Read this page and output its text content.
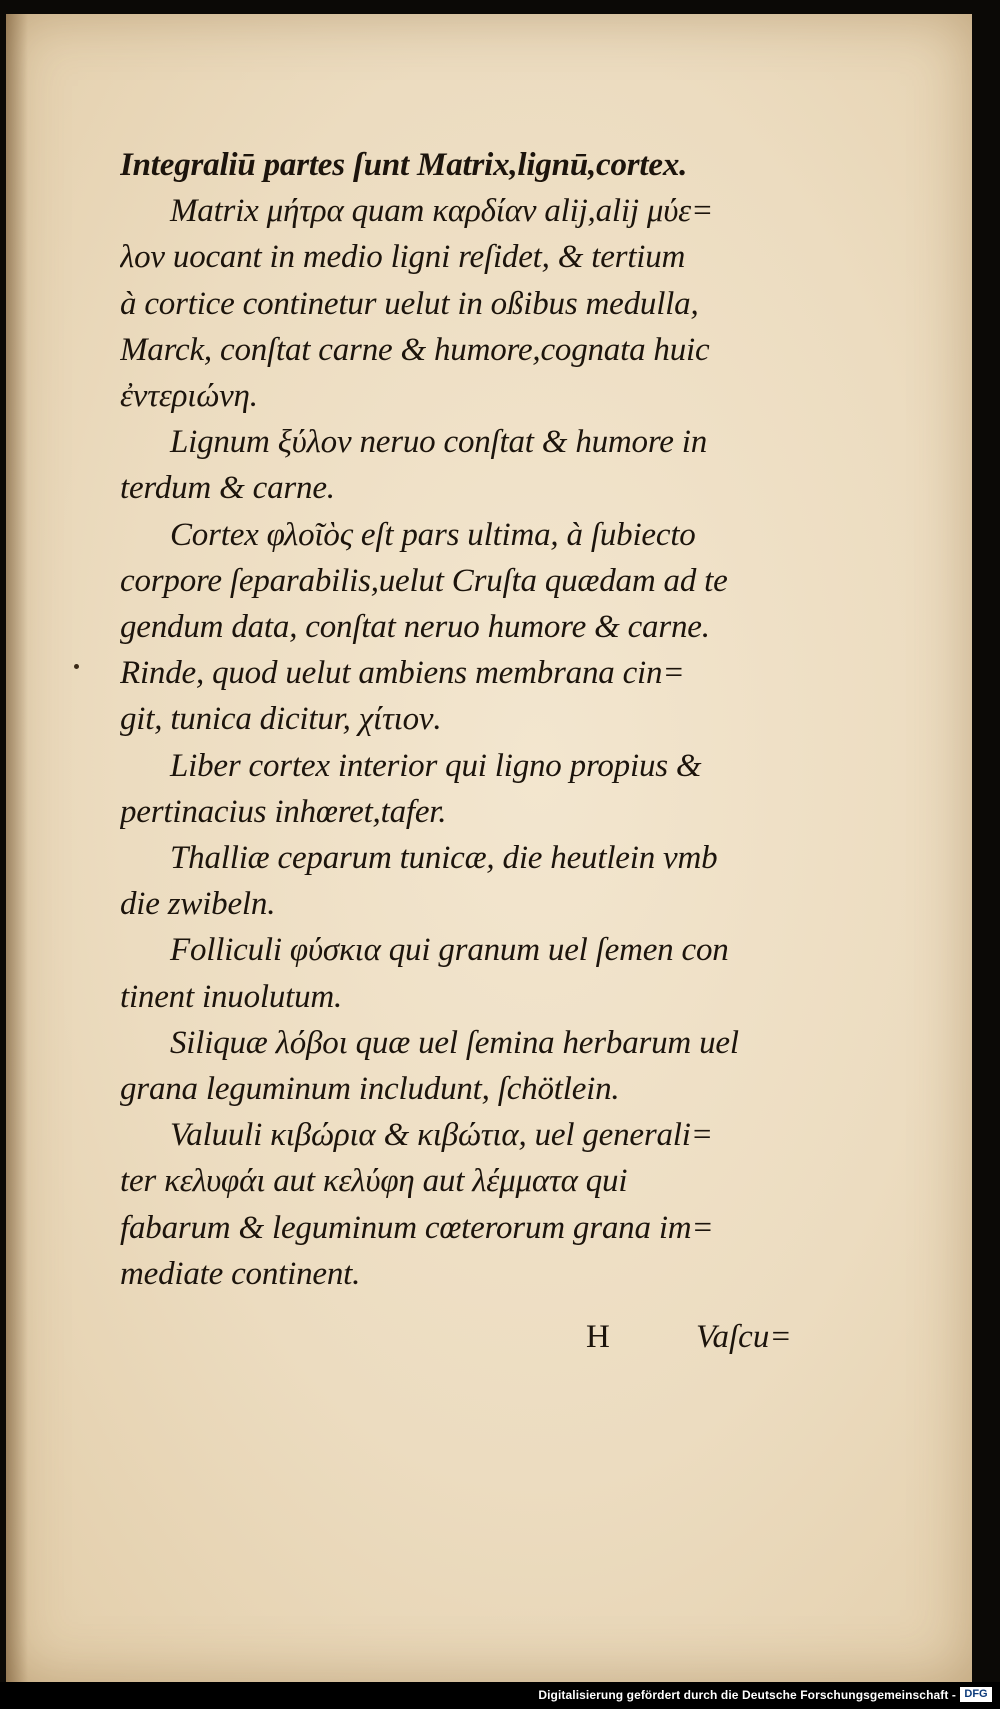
Integraliū partes ſunt Matrix,lignū,cortex.
Matrix μήτρα quam καρδίαν alij,alij μύε=
λον uocant in medio ligni reſidet, & tertium
à cortice continetur uelut in oßibus medulla,
Marck, conſtat carne & humore,cognata huic
ἐντεριώνη.
Lignum ξύλον neruo conſtat & humore in
terdum & carne.
Cortex φλοῖὸς eſt pars ultima, à ſubiecto
corpore ſeparabilis,uelut Cruſta quædam ad te
gendum data, conſtat neruo humore & carne.
Rinde, quod uelut ambiens membrana cin=
git, tunica dicitur, χίτιον.
Liber cortex interior qui ligno propius &
pertinacius inhœret,tafer.
Thalliæ ceparum tunicæ, die heutlein vmb
die zwibeln.
Folliculi φύσκια qui granum uel ſemen con
tinent inuolutum.
Siliquæ λόβοι quæ uel ſemina herbarum uel
grana leguminum includunt, ſchötlein.
Valuuli κιβώρια & κιβώτια, uel generali=
ter κελυφάι aut κελύφη aut λέμματα qui
fabarum & leguminum cœterorum grana im=
mediate continent.
H	Vaſcu=
Digitalisierung gefördert durch die Deutsche Forschungsgemeinschaft - DFG
